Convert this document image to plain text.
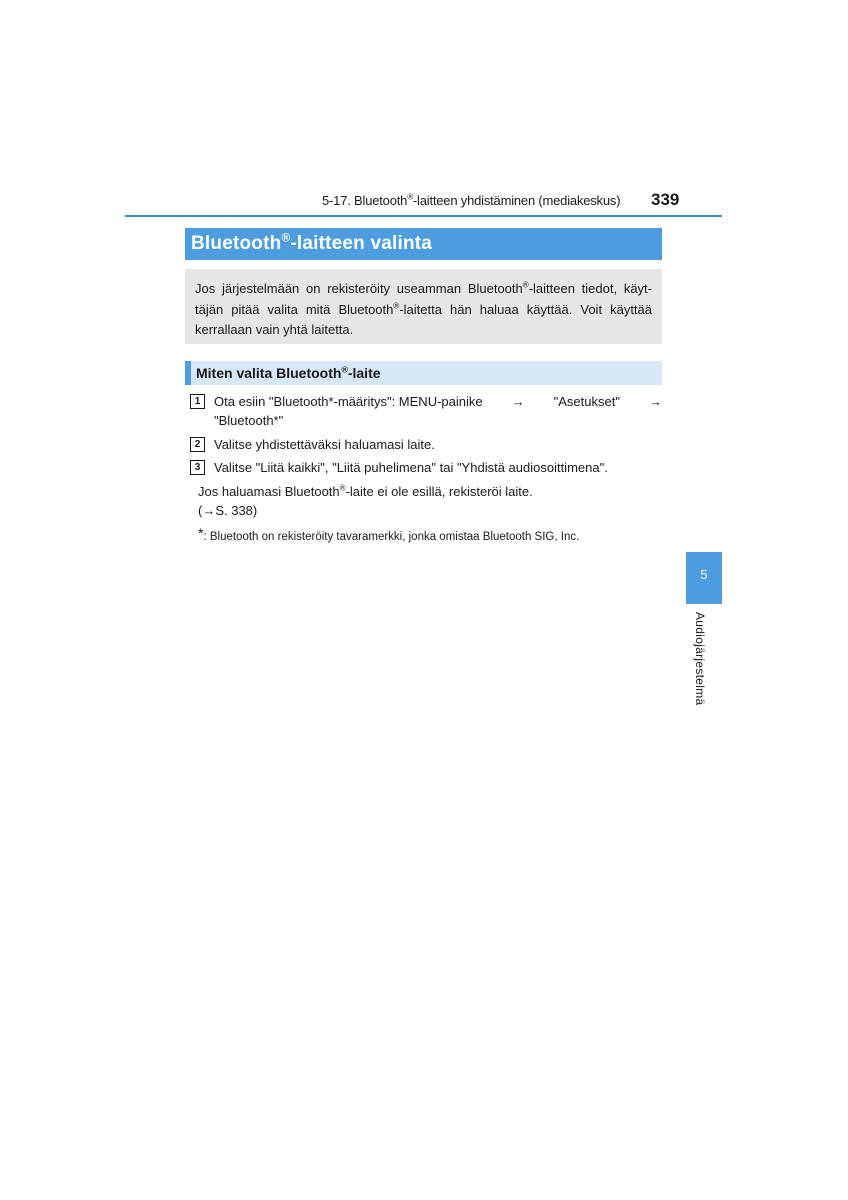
5-17. Bluetooth®-laitteen yhdistäminen (mediakeskus) 339
Bluetooth®-laitteen valinta

Jos järjestelmään on rekisteröity useamman Bluetooth®-laitteen tiedot, käyt-täjän pitää valita mitä Bluetooth®-laitetta hän haluaa käyttää. Voit käyttää kerrallaan vain yhtä laitetta.

Miten valita Bluetooth®-laite
1	Ota esiin "Bluetooth*-määritys": MENU-painike → "Asetukset" →
"Bluetooth*"
2	Valitse yhdistettäväksi haluamasi laite.
3	Valitse "Liitä kaikki", "Liitä puhelimena" tai "Yhdistä audiosoittimena".
Jos haluamasi Bluetooth®-laite ei ole esillä, rekisteröi laite.
(→S. 338)
*: Bluetooth on rekisteröity tavaramerkki, jonka omistaa Bluetooth SIG, Inc.
5
Audiojärjestelmä
